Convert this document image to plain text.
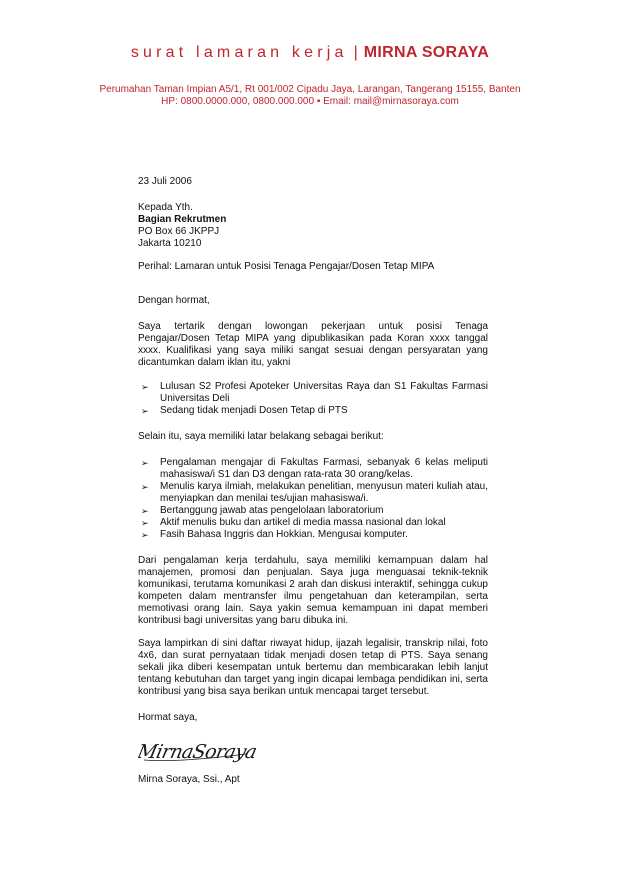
surat lamaran kerja | MIRNA SORAYA
Perumahan Taman Impian A5/1, Rt 001/002 Cipadu Jaya, Larangan, Tangerang 15155, Banten
HP: 0800.0000.000, 0800.000.000 ▪ Email: mail@mirnasoraya.com

23 Juli 2006

Kepada Yth.

Bagian Rekrutmen

PO Box 66 JKPPJ

Jakarta 10210

Perihal: Lamaran untuk Posisi Tenaga Pengajar/Dosen Tetap MIPA

Dengan hormat,

Saya tertarik dengan lowongan pekerjaan untuk posisi Tenaga Pengajar/Dosen Tetap MIPA yang dipublikasikan pada Koran xxxx tanggal xxxx. Kualifikasi yang saya miliki sangat sesuai dengan persyaratan yang dicantumkan dalam iklan itu, yakni

➢ Lulusan S2 Profesi Apoteker Universitas Raya dan S1 Fakultas Farmasi Universitas Deli
➢ Sedang tidak menjadi Dosen Tetap di PTS

Selain itu, saya memiliki latar belakang sebagai berikut:

➢ Pengalaman mengajar di Fakultas Farmasi, sebanyak 6 kelas meliputi mahasiswa/i S1 dan D3 dengan rata-rata 30 orang/kelas.
➢ Menulis karya ilmiah, melakukan penelitian, menyusun materi kuliah atau, menyiapkan dan menilai tes/ujian mahasiswa/i.
➢ Bertanggung jawab atas pengelolaan laboratorium
➢ Aktif menulis buku dan artikel di media massa nasional dan lokal
➢ Fasih Bahasa Inggris dan Hokkian. Mengusai komputer.

Dari pengalaman kerja terdahulu, saya memiliki kemampuan dalam hal manajemen, promosi dan penjualan. Saya juga menguasai teknik-teknik komunikasi, terutama komunikasi 2 arah dan diskusi interaktif, sehingga cukup kompeten dalam mentransfer ilmu pengetahuan dan keterampilan, serta memotivasi orang lain. Saya yakin semua kemampuan ini dapat memberi kontribusi bagi universitas yang baru dibuka ini.

Saya lampirkan di sini daftar riwayat hidup, ijazah legalisir, transkrip nilai, foto 4x6, dan surat pernyataan tidak menjadi dosen tetap di PTS. Saya senang sekali jika diberi kesempatan untuk bertemu dan membicarakan lebih lanjut tentang kebutuhan dan target yang ingin dicapai lembaga pendidikan ini, serta kontribusi yang bisa saya berikan untuk mencapai target tersebut.

Hormat saya,

MirnaSoraya

Mirna Soraya, Ssi., Apt
